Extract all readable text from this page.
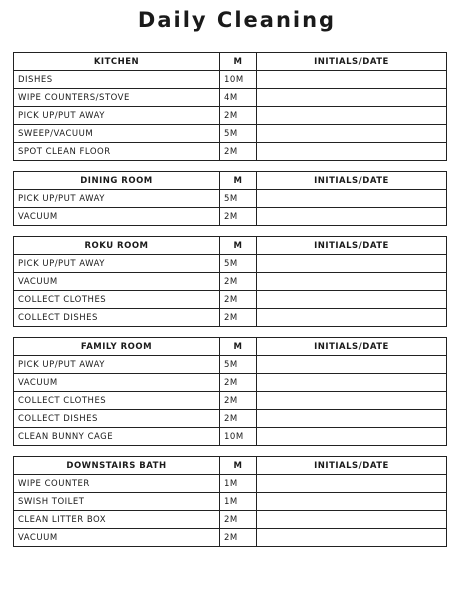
Daily Cleaning
KITCHEN	M	INITIALS/DATE
DISHES	10M	
WIPE COUNTERS/STOVE	4M	
PICK UP/PUT AWAY	2M	
SWEEP/VACUUM	5M	
SPOT CLEAN FLOOR	2M	
DINING ROOM	M	INITIALS/DATE
PICK UP/PUT AWAY	5M	
VACUUM	2M	
ROKU ROOM	M	INITIALS/DATE
PICK UP/PUT AWAY	5M	
VACUUM	2M	
COLLECT CLOTHES	2M	
COLLECT DISHES	2M	
FAMILY ROOM	M	INITIALS/DATE
PICK UP/PUT AWAY	5M	
VACUUM	2M	
COLLECT CLOTHES	2M	
COLLECT DISHES	2M	
CLEAN BUNNY CAGE	10M	
DOWNSTAIRS BATH	M	INITIALS/DATE
WIPE COUNTER	1M	
SWISH TOILET	1M	
CLEAN LITTER BOX	2M	
VACUUM	2M	
